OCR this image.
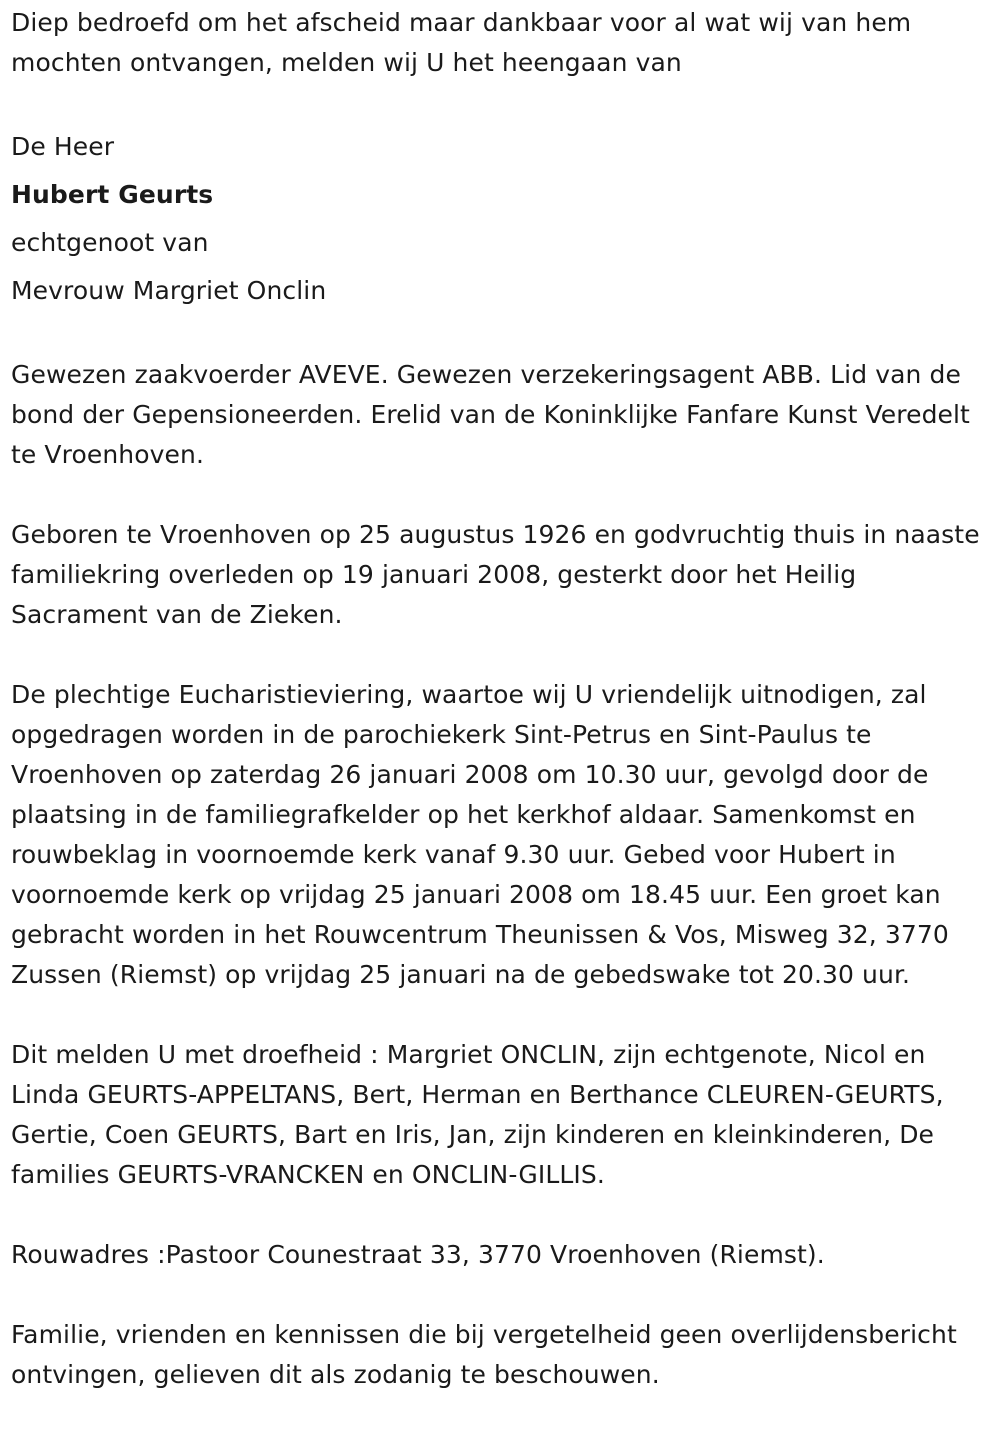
Diep bedroefd om het afscheid maar dankbaar voor al wat wij van hem mochten ontvangen, melden wij U het heengaan van

De Heer

Hubert Geurts

echtgenoot van

Mevrouw Margriet Onclin

Gewezen zaakvoerder AVEVE. Gewezen verzekeringsagent ABB. Lid van de bond der Gepensioneerden. Erelid van de Koninklijke Fanfare Kunst Veredelt te Vroenhoven.

Geboren te Vroenhoven op 25 augustus 1926 en godvruchtig thuis in naaste familiekring overleden op 19 januari 2008, gesterkt door het Heilig Sacrament van de Zieken.

De plechtige Eucharistieviering, waartoe wij U vriendelijk uitnodigen, zal opgedragen worden in de parochiekerk Sint-Petrus en Sint-Paulus te Vroenhoven op zaterdag 26 januari 2008 om 10.30 uur, gevolgd door de plaatsing in de familiegrafkelder op het kerkhof aldaar. Samenkomst en rouwbeklag in voornoemde kerk vanaf 9.30 uur. Gebed voor Hubert in voornoemde kerk op vrijdag 25 januari 2008 om 18.45 uur. Een groet kan gebracht worden in het Rouwcentrum Theunissen & Vos, Misweg 32, 3770 Zussen (Riemst) op vrijdag 25 januari na de gebedswake tot 20.30 uur.

Dit melden U met droefheid : Margriet ONCLIN, zijn echtgenote, Nicol en Linda GEURTS-APPELTANS, Bert, Herman en Berthance CLEUREN-GEURTS, Gertie, Coen GEURTS, Bart en Iris, Jan, zijn kinderen en kleinkinderen, De families GEURTS-VRANCKEN en ONCLIN-GILLIS.

Rouwadres :Pastoor Counestraat 33, 3770 Vroenhoven (Riemst).

Familie, vrienden en kennissen die bij vergetelheid geen overlijdensbericht ontvingen, gelieven dit als zodanig te beschouwen.
